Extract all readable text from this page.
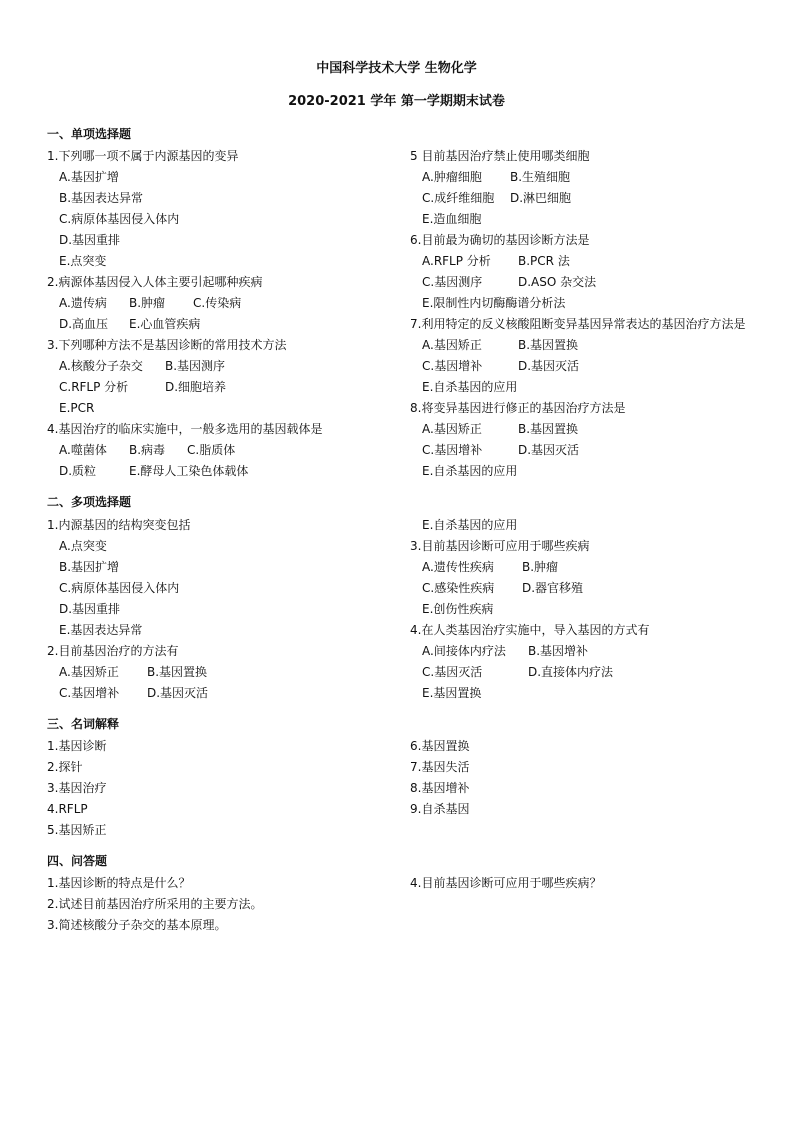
中国科学技术大学 生物化学
2020-2021 学年 第一学期期末试卷
一、单项选择题
1.下列哪一项不属于内源基因的变异
A.基因扩增
B.基因表达异常
C.病原体基因侵入体内
D.基因重排
E.点突变
2.病源体基因侵入人体主要引起哪种疾病
A.遗传病 B.肿瘤 C.传染病
D.高血压 E.心血管疾病
3.下列哪种方法不是基因诊断的常用技术方法
A.核酸分子杂交 B.基因测序
C.RFLP 分析	D.细胞培养
E.PCR
4.基因治疗的临床实施中，一般多选用的基因载体是
A.噬菌体 B.病毒 C.脂质体
D.质粒	E.酵母人工染色体载体
5 目前基因治疗禁止使用哪类细胞
A.肿瘤细胞 B.生殖细胞
C.成纤维细胞 D.淋巴细胞
E.造血细胞
6.目前最为确切的基因诊断方法是
A.RFLP 分析 B.PCR 法
C.基因测序	D.ASO 杂交法
E.限制性内切酶酶谱分析法
7.利用特定的反义核酸阻断变异基因异常表达的基因治疗方法是
A.基因矫正	B.基因置换
C.基因增补	D.基因灭活
E.自杀基因的应用
8.将变异基因进行修正的基因治疗方法是
A.基因矫正	B.基因置换
C.基因增补	D.基因灭活
E.自杀基因的应用
二、多项选择题
1.内源基因的结构突变包括
A.点突变
B.基因扩增
C.病原体基因侵入体内
D.基因重排
E.基因表达异常
2.目前基因治疗的方法有
A.基因矫正 B.基因置换
C.基因增补 D.基因灭活
E.自杀基因的应用
3.目前基因诊断可应用于哪些疾病
A.遗传性疾病 B.肿瘤
C.感染性疾病 D.器官移殖
E.创伤性疾病
4.在人类基因治疗实施中，导入基因的方式有
A.间接体内疗法 B.基因增补
C.基因灭活	D.直接体内疗法
E.基因置换
三、名词解释
1.基因诊断
2.探针
3.基因治疗
4.RFLP
5.基因矫正
6.基因置换
7.基因失活
8.基因增补
9.自杀基因
四、问答题
1.基因诊断的特点是什么？
2.试述目前基因治疗所采用的主要方法。
3.简述核酸分子杂交的基本原理。
4.目前基因诊断可应用于哪些疾病？
